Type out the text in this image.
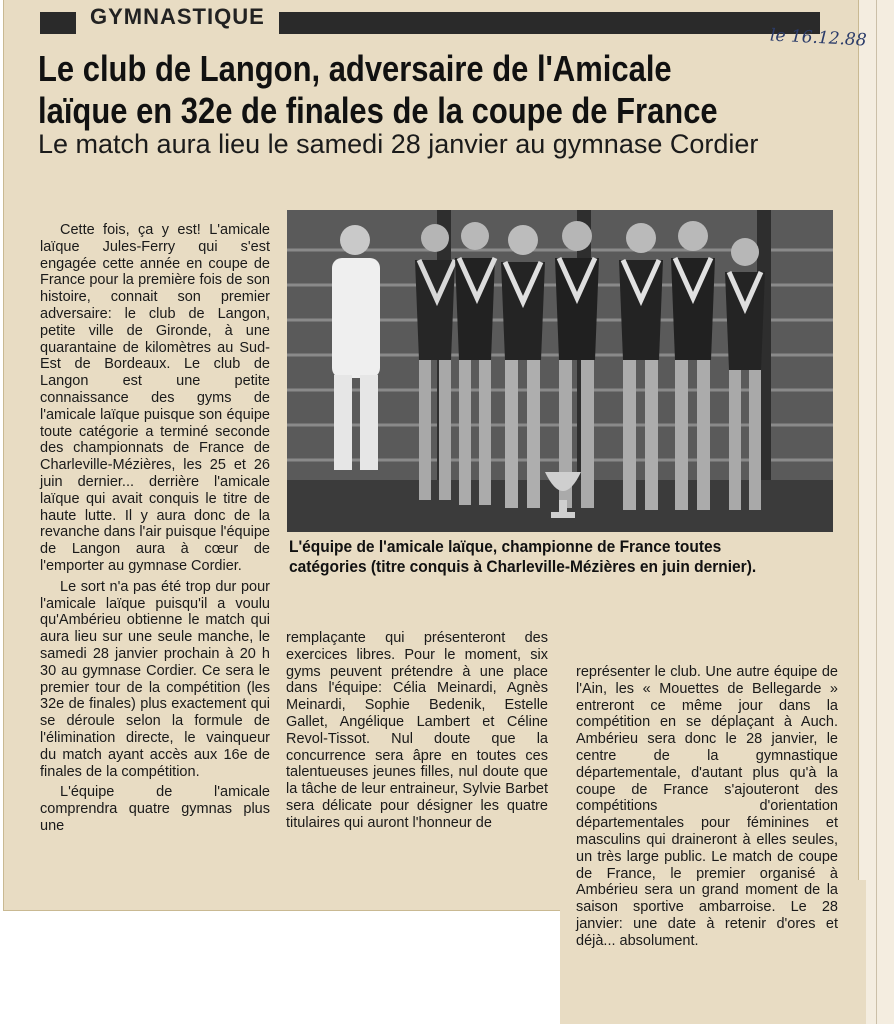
GYMNASTIQUE
le 16.12.88
Le club de Langon, adversaire de l'Amicale laïque en 32e de finales de la coupe de France
Le match aura lieu le samedi 28 janvier au gymnase Cordier

Cette fois, ça y est! L'amicale laïque Jules-Ferry qui s'est engagée cette année en coupe de France pour la première fois de son histoire, connait son premier adversaire: le club de Langon, petite ville de Gironde, à une quarantaine de kilomètres au Sud-Est de Bordeaux. Le club de Langon est une petite connaissance des gyms de l'amicale laïque puisque son équipe toute catégorie a terminé seconde des championnats de France de Charleville-Mézières, les 25 et 26 juin dernier... derrière l'amicale laïque qui avait conquis le titre de haute lutte. Il y aura donc de la revanche dans l'air puisque l'équipe de Langon aura à cœur de l'emporter au gymnase Cordier.

Le sort n'a pas été trop dur pour l'amicale laïque puisqu'il a voulu qu'Ambérieu obtienne le match qui aura lieu sur une seule manche, le samedi 28 janvier prochain à 20 h 30 au gymnase Cordier. Ce sera le premier tour de la compétition (les 32e de finales) plus exactement qui se déroule selon la formule de l'élimination directe, le vainqueur du match ayant accès aux 16e de finales de la compétition.

L'équipe de l'amicale comprendra quatre gymnas plus une

L'équipe de l'amicale laïque, championne de France toutes catégories (titre conquis à Charleville-Mézières en juin dernier).

remplaçante qui présenteront des exercices libres. Pour le moment, six gyms peuvent prétendre à une place dans l'équipe: Célia Meinardi, Agnès Meinardi, Sophie Bedenik, Estelle Gallet, Angélique Lambert et Céline Revol-Tissot. Nul doute que la concurrence sera âpre en toutes ces talentueuses jeunes filles, nul doute que la tâche de leur entraineur, Sylvie Barbet sera délicate pour désigner les quatre titulaires qui auront l'honneur de

représenter le club. Une autre équipe de l'Ain, les « Mouettes de Bellegarde » entreront ce même jour dans la compétition en se déplaçant à Auch. Ambérieu sera donc le 28 janvier, le centre de la gymnastique départementale, d'autant plus qu'à la coupe de France s'ajouteront des compétitions d'orientation départementales pour féminines et masculins qui draineront à elles seules, un très large public. Le match de coupe de France, le premier organisé à Ambérieu sera un grand moment de la saison sportive ambarroise. Le 28 janvier: une date à retenir d'ores et déjà... absolument.
